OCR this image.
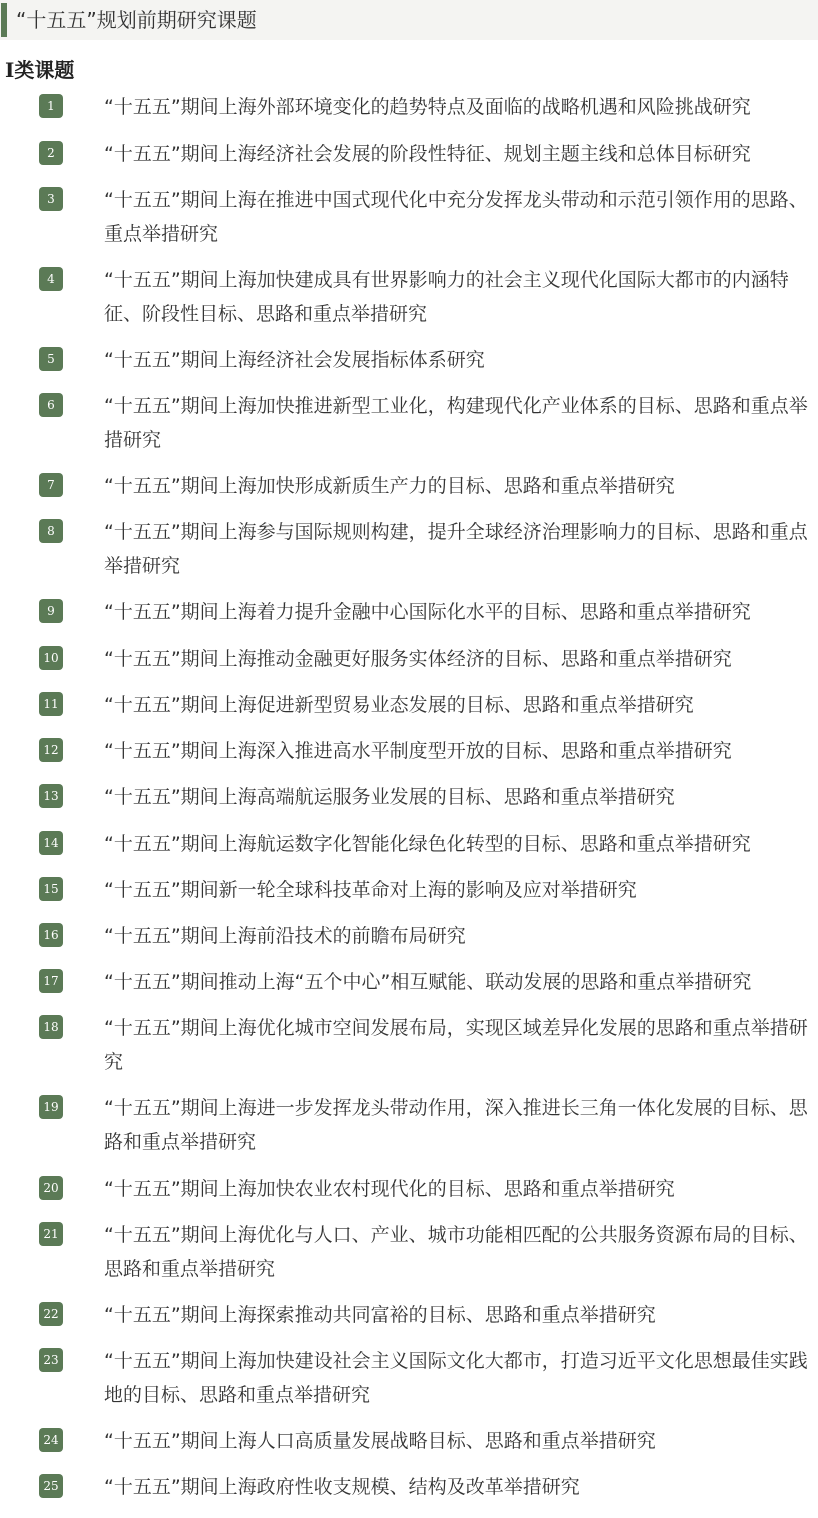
“十五五”规划前期研究课题
I类课题
1	“十五五”期间上海外部环境变化的趋势特点及面临的战略机遇和风险挑战研究
2	“十五五”期间上海经济社会发展的阶段性特征、规划主题主线和总体目标研究
3	“十五五”期间上海在推进中国式现代化中充分发挥龙头带动和示范引领作用的思路、重点举措研究
4	“十五五”期间上海加快建成具有世界影响力的社会主义现代化国际大都市的内涵特征、阶段性目标、思路和重点举措研究
5	“十五五”期间上海经济社会发展指标体系研究
6	“十五五”期间上海加快推进新型工业化，构建现代化产业体系的目标、思路和重点举措研究
7	“十五五”期间上海加快形成新质生产力的目标、思路和重点举措研究
8	“十五五”期间上海参与国际规则构建，提升全球经济治理影响力的目标、思路和重点举措研究
9	“十五五”期间上海着力提升金融中心国际化水平的目标、思路和重点举措研究
10 “十五五”期间上海推动金融更好服务实体经济的目标、思路和重点举措研究
11 “十五五”期间上海促进新型贸易业态发展的目标、思路和重点举措研究
12 “十五五”期间上海深入推进高水平制度型开放的目标、思路和重点举措研究
13 “十五五”期间上海高端航运服务业发展的目标、思路和重点举措研究
14 “十五五”期间上海航运数字化智能化绿色化转型的目标、思路和重点举措研究
15 “十五五”期间新一轮全球科技革命对上海的影响及应对举措研究
16 “十五五”期间上海前沿技术的前瞻布局研究
17 “十五五”期间推动上海“五个中心”相互赋能、联动发展的思路和重点举措研究
18 “十五五”期间上海优化城市空间发展布局，实现区域差异化发展的思路和重点举措研究
19 “十五五”期间上海进一步发挥龙头带动作用，深入推进长三角一体化发展的目标、思路和重点举措研究
20 “十五五”期间上海加快农业农村现代化的目标、思路和重点举措研究
21 “十五五”期间上海优化与人口、产业、城市功能相匹配的公共服务资源布局的目标、思路和重点举措研究
22 “十五五”期间上海探索推动共同富裕的目标、思路和重点举措研究
23 “十五五”期间上海加快建设社会主义国际文化大都市，打造习近平文化思想最佳实践地的目标、思路和重点举措研究
24 “十五五”期间上海人口高质量发展战略目标、思路和重点举措研究
25 “十五五”期间上海政府性收支规模、结构及改革举措研究
